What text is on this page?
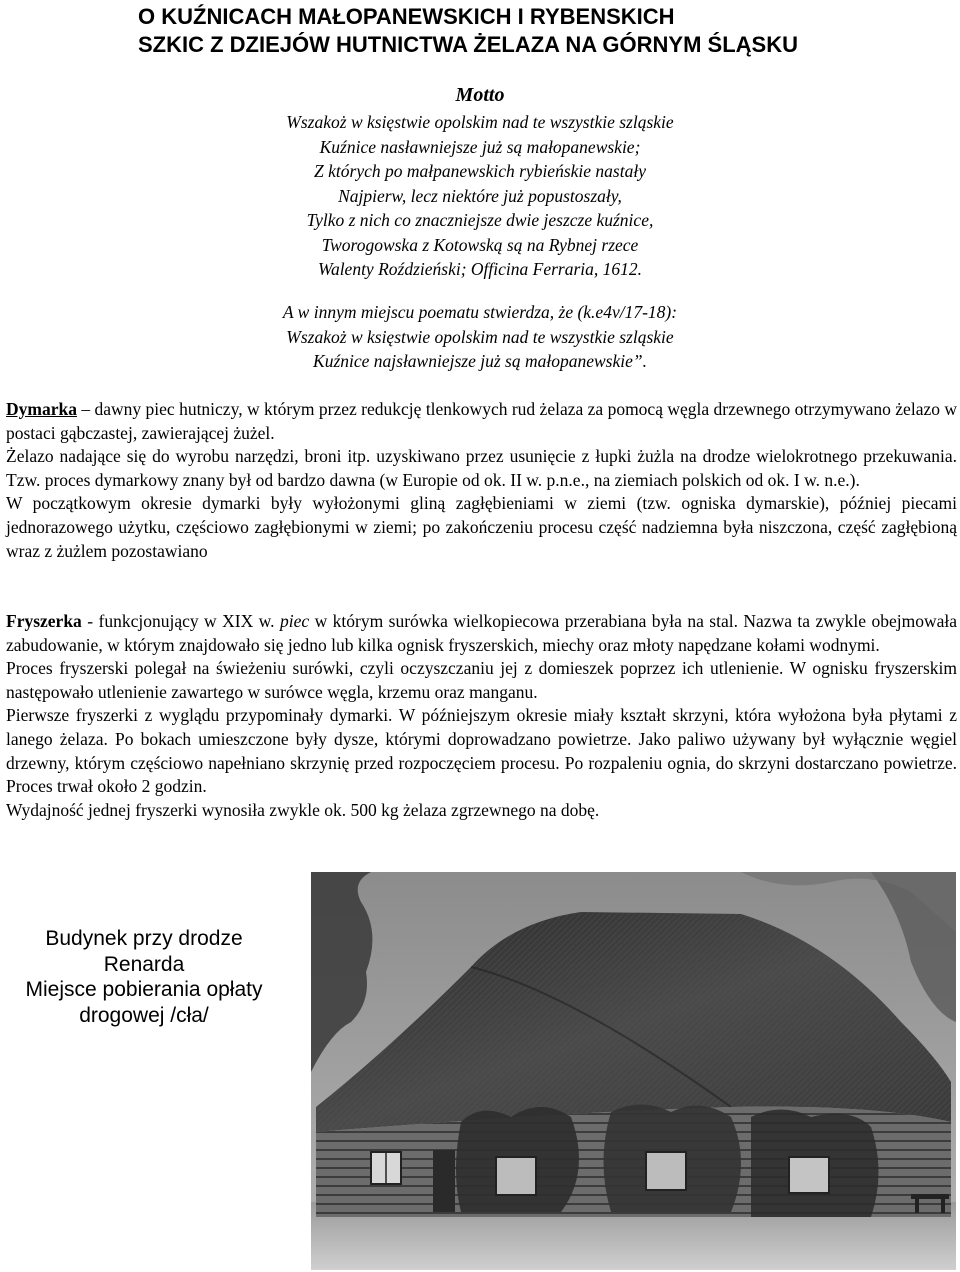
O KUŹNICACH MAŁOPANEWSKICH I RYBENSKICH
SZKIC Z DZIEJÓW HUTNICTWA ŻELAZA NA GÓRNYM ŚLĄSKU
Motto
Wszakoż w księstwie opolskim nad te wszystkie szląskie
Kuźnice nasławniejsze już są małopanewskie;
Z których po małpanewskich rybieńskie nastały
Najpierw, lecz niektóre już popustoszały,
Tylko z nich co znaczniejsze dwie jeszcze kuźnice,
Tworogowska z Kotowską są na Rybnej rzece
Walenty Roździeński; Officina Ferraria, 1612.
A w innym miejscu poematu stwierdza, że (k.e4v/17-18):
Wszakoż w księstwie opolskim nad te wszystkie szląskie
Kuźnice najsławniejsze już są małopanewskie”.

Dymarka – dawny piec hutniczy, w którym przez redukcję tlenkowych rud żelaza za pomocą węgla drzewnego otrzymywano żelazo w postaci gąbczastej, zawierającej żużel.

Żelazo nadające się do wyrobu narzędzi, broni itp. uzyskiwano przez usunięcie z łupki żużla na drodze wielokrotnego przekuwania. Tzw. proces dymarkowy znany był od bardzo dawna (w Europie od ok. II w. p.n.e., na ziemiach polskich od ok. I w. n.e.).

W początkowym okresie dymarki były wyłożonymi gliną zagłębieniami w ziemi (tzw. ogniska dymarskie), później piecami jednorazowego użytku, częściowo zagłębionymi w ziemi; po zakończeniu procesu część nadziemna była niszczona, część zagłębioną wraz z żużlem pozostawiano

Fryszerka - funkcjonujący w XIX w. piec w którym surówka wielkopiecowa przerabiana była na stal. Nazwa ta zwykle obejmowała zabudowanie, w którym znajdowało się jedno lub kilka ognisk fryszerskich, miechy oraz młoty napędzane kołami wodnymi.

Proces fryszerski polegał na świeżeniu surówki, czyli oczyszczaniu jej z domieszek poprzez ich utlenienie. W ognisku fryszerskim następowało utlenienie zawartego w surówce węgla, krzemu oraz manganu.

Pierwsze fryszerki z wyglądu przypominały dymarki. W późniejszym okresie miały kształt skrzyni, która wyłożona była płytami z lanego żelaza. Po bokach umieszczone były dysze, którymi doprowadzano powietrze. Jako paliwo używany był wyłącznie węgiel drzewny, którym częściowo napełniano skrzynię przed rozpoczęciem procesu. Po rozpaleniu ognia, do skrzyni dostarczano powietrze. Proces trwał około 2 godzin.

Wydajność jednej fryszerki wynosiła zwykle ok. 500 kg żelaza zgrzewnego na dobę.

Budynek przy drodze
Renarda
Miejsce pobierania opłaty
drogowej /cła/
